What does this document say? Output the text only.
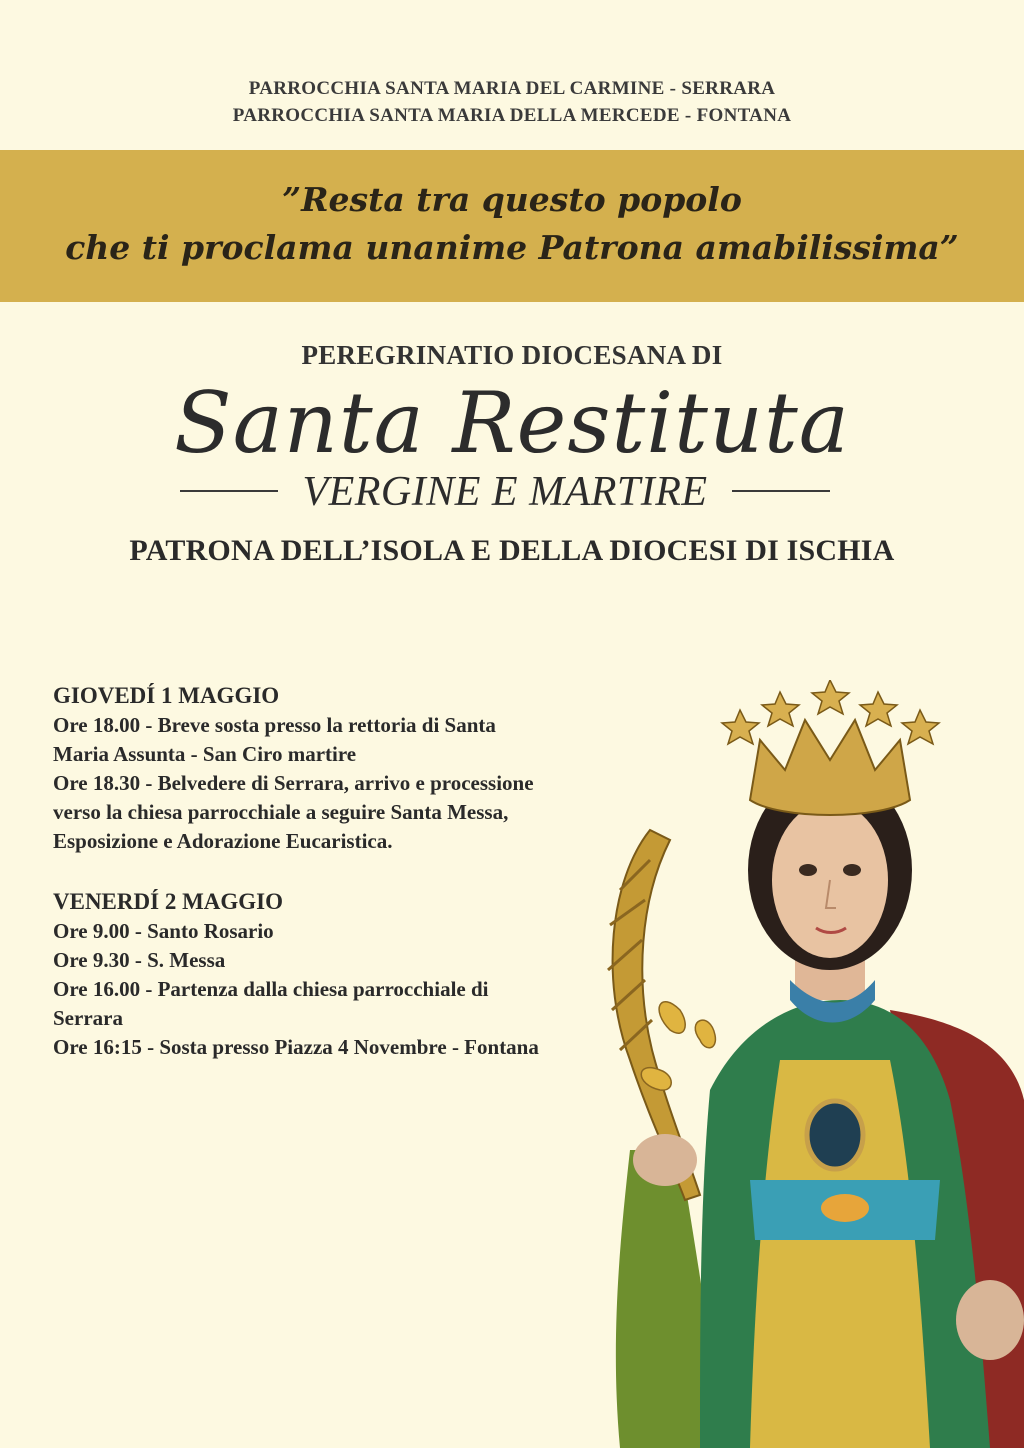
PARROCCHIA SANTA MARIA DEL CARMINE - SERRARA
PARROCCHIA SANTA MARIA DELLA MERCEDE - FONTANA
”Resta tra questo popolo
che ti proclama unanime Patrona amabilissima”
PEREGRINATIO DIOCESANA DI
Santa Restituta
VERGINE E MARTIRE
PATRONA DELL’ISOLA E DELLA DIOCESI DI ISCHIA
GIOVEDÍ 1 MAGGIO
Ore 18.00 - Breve sosta presso la rettoria di Santa
Maria Assunta - San Ciro martire
Ore 18.30 - Belvedere di Serrara, arrivo e processione
verso la chiesa parrocchiale a seguire Santa Messa,
Esposizione e Adorazione Eucaristica.
VENERDÍ 2 MAGGIO
Ore 9.00 - Santo Rosario
Ore 9.30 - S. Messa
Ore 16.00 - Partenza dalla chiesa parrocchiale di
Serrara
Ore 16:15 - Sosta presso Piazza 4 Novembre - Fontana
